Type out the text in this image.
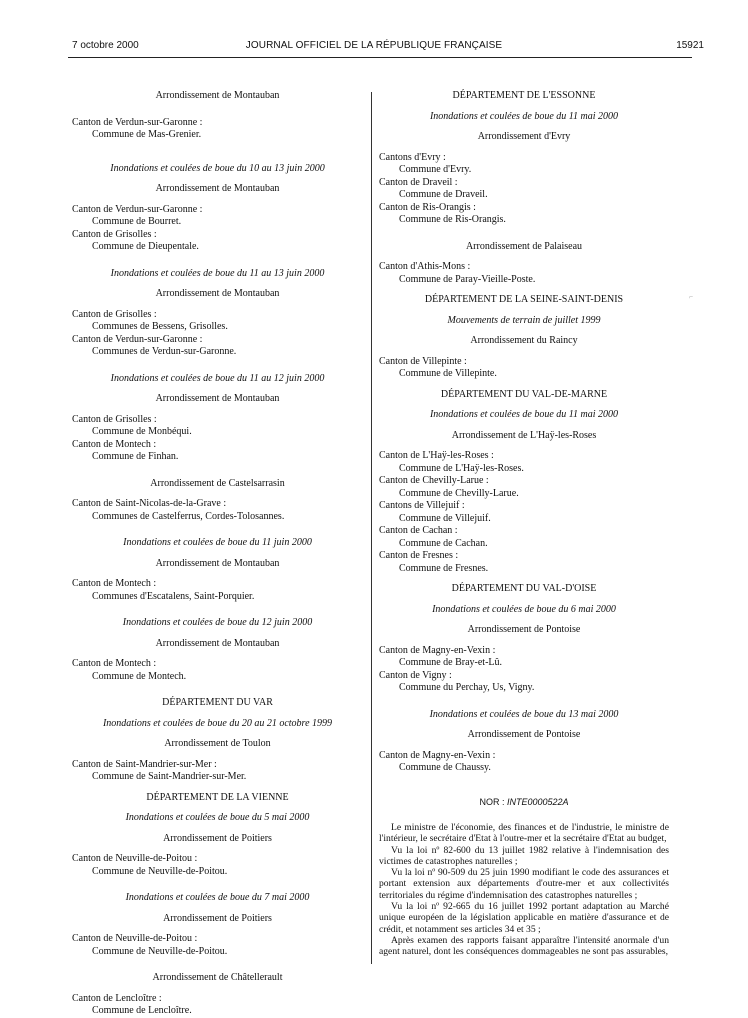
7 octobre 2000	JOURNAL OFFICIEL DE LA RÉPUBLIQUE FRANÇAISE	15921
⌐

Arrondissement de Montauban

Canton de Verdun-sur-Garonne :

Commune de Mas-Grenier.

Inondations et coulées de boue du 10 au 13 juin 2000

Arrondissement de Montauban

Canton de Verdun-sur-Garonne :

Commune de Bourret.

Canton de Grisolles :

Commune de Dieupentale.

Inondations et coulées de boue du 11 au 13 juin 2000

Arrondissement de Montauban

Canton de Grisolles :

Communes de Bessens, Grisolles.

Canton de Verdun-sur-Garonne :

Communes de Verdun-sur-Garonne.

Inondations et coulées de boue du 11 au 12 juin 2000

Arrondissement de Montauban

Canton de Grisolles :

Commune de Monbéqui.

Canton de Montech :

Commune de Finhan.

Arrondissement de Castelsarrasin

Canton de Saint-Nicolas-de-la-Grave :

Communes de Castelferrus, Cordes-Tolosannes.

Inondations et coulées de boue du 11 juin 2000

Arrondissement de Montauban

Canton de Montech :

Communes d'Escatalens, Saint-Porquier.

Inondations et coulées de boue du 12 juin 2000

Arrondissement de Montauban

Canton de Montech :

Commune de Montech.

DÉPARTEMENT DU VAR

Inondations et coulées de boue du 20 au 21 octobre 1999

Arrondissement de Toulon

Canton de Saint-Mandrier-sur-Mer :

Commune de Saint-Mandrier-sur-Mer.

DÉPARTEMENT DE LA VIENNE

Inondations et coulées de boue du 5 mai 2000

Arrondissement de Poitiers

Canton de Neuville-de-Poitou :

Commune de Neuville-de-Poitou.

Inondations et coulées de boue du 7 mai 2000

Arrondissement de Poitiers

Canton de Neuville-de-Poitou :

Commune de Neuville-de-Poitou.

Arrondissement de Châtellerault

Canton de Lencloître :

Commune de Lencloître.

DÉPARTEMENT DE L'ESSONNE

Inondations et coulées de boue du 11 mai 2000

Arrondissement d'Evry

Cantons d'Evry :

Commune d'Evry.

Canton de Draveil :

Commune de Draveil.

Canton de Ris-Orangis :

Commune de Ris-Orangis.

Arrondissement de Palaiseau

Canton d'Athis-Mons :

Commune de Paray-Vieille-Poste.

DÉPARTEMENT DE LA SEINE-SAINT-DENIS

Mouvements de terrain de juillet 1999

Arrondissement du Raincy

Canton de Villepinte :

Commune de Villepinte.

DÉPARTEMENT DU VAL-DE-MARNE

Inondations et coulées de boue du 11 mai 2000

Arrondissement de L'Haÿ-les-Roses

Canton de L'Haÿ-les-Roses :

Commune de L'Haÿ-les-Roses.

Canton de Chevilly-Larue :

Commune de Chevilly-Larue.

Cantons de Villejuif :

Commune de Villejuif.

Canton de Cachan :

Commune de Cachan.

Canton de Fresnes :

Commune de Fresnes.

DÉPARTEMENT DU VAL-D'OISE

Inondations et coulées de boue du 6 mai 2000

Arrondissement de Pontoise

Canton de Magny-en-Vexin :

Commune de Bray-et-Lû.

Canton de Vigny :

Commune du Perchay, Us, Vigny.

Inondations et coulées de boue du 13 mai 2000

Arrondissement de Pontoise

Canton de Magny-en-Vexin :

Commune de Chaussy.

NOR : INTE0000522A

Le ministre de l'économie, des finances et de l'industrie, le ministre de l'intérieur, le secrétaire d'Etat à l'outre-mer et la secrétaire d'Etat au budget,

Vu la loi nº 82-600 du 13 juillet 1982 relative à l'indemnisation des victimes de catastrophes naturelles ;

Vu la loi nº 90-509 du 25 juin 1990 modifiant le code des assurances et portant extension aux départements d'outre-mer et aux collectivités territoriales du régime d'indemnisation des catastrophes naturelles ;

Vu la loi nº 92-665 du 16 juillet 1992 portant adaptation au Marché unique européen de la législation applicable en matière d'assurance et de crédit, et notamment ses articles 34 et 35 ;

Après examen des rapports faisant apparaître l'intensité anormale d'un agent naturel, dont les conséquences dommageables ne sont pas assurables,
